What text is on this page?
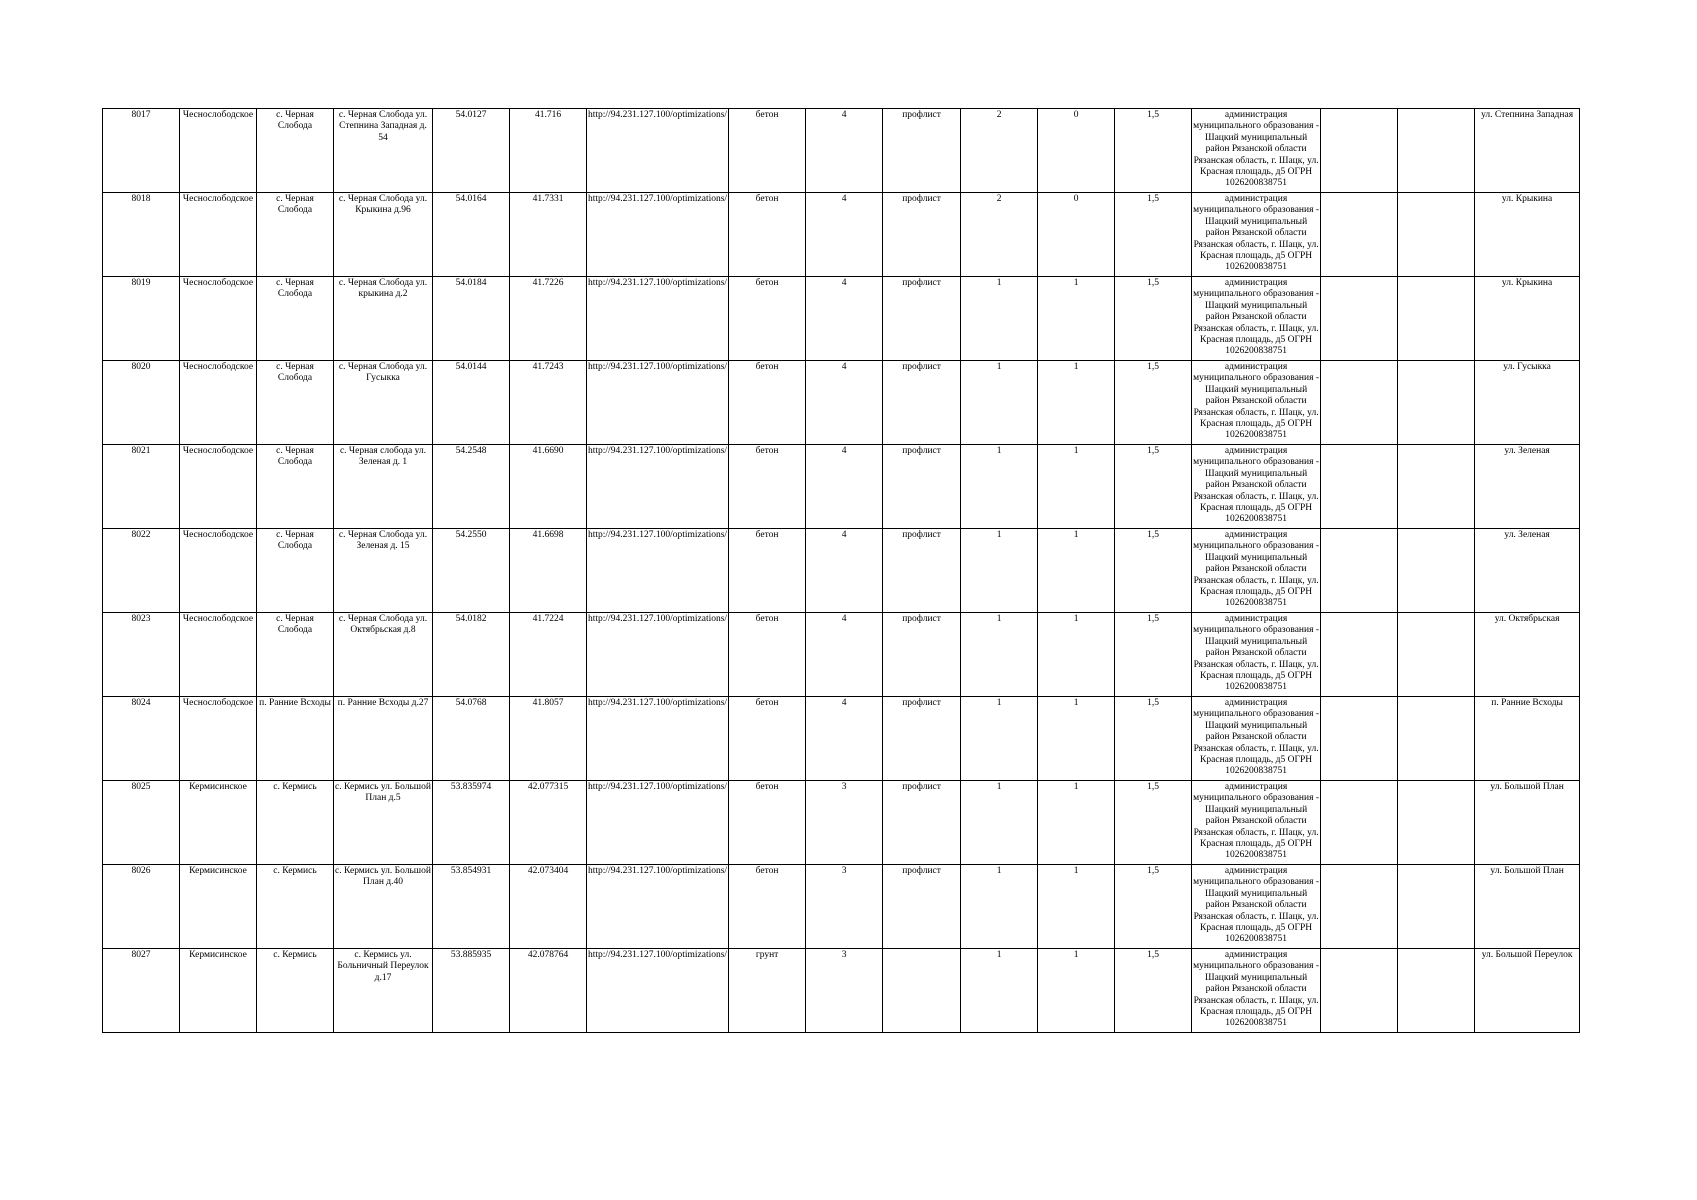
8017	Чеснослободское	с. Черная Слобода	с. Черная Слобода ул. Степнина Западная д. 54	54.0127	41.716	http://94.231.127.100/optimizations/	бетон	4	профлист	2	0	1,5	администрация муниципального образования - Шацкий муниципальный район Рязанской области Рязанская область, г. Шацк, ул. Красная площадь, д5 ОГРН 1026200838751			ул. Степнина Западная
8018	Чеснослободское	с. Черная Слобода	с. Черная Слобода ул. Крыкина д.96	54.0164	41.7331	http://94.231.127.100/optimizations/	бетон	4	профлист	2	0	1,5	администрация муниципального образования - Шацкий муниципальный район Рязанской области Рязанская область, г. Шацк, ул. Красная площадь, д5 ОГРН 1026200838751			ул. Крыкина
8019	Чеснослободское	с. Черная Слобода	с. Черная Слобода ул. крыкина д.2	54.0184	41.7226	http://94.231.127.100/optimizations/	бетон	4	профлист	1	1	1,5	администрация муниципального образования - Шацкий муниципальный район Рязанской области Рязанская область, г. Шацк, ул. Красная площадь, д5 ОГРН 1026200838751			ул. Крыкина
8020	Чеснослободское	с. Черная Слобода	с. Черная Слобода ул. Гусыкка	54.0144	41.7243	http://94.231.127.100/optimizations/	бетон	4	профлист	1	1	1,5	администрация муниципального образования - Шацкий муниципальный район Рязанской области Рязанская область, г. Шацк, ул. Красная площадь, д5 ОГРН 1026200838751			ул. Гусыкка
8021	Чеснослободское	с. Черная Слобода	с. Черная слобода ул. Зеленая д. 1	54.2548	41.6690	http://94.231.127.100/optimizations/	бетон	4	профлист	1	1	1,5	администрация муниципального образования - Шацкий муниципальный район Рязанской области Рязанская область, г. Шацк, ул. Красная площадь, д5 ОГРН 1026200838751			ул. Зеленая
8022	Чеснослободское	с. Черная Слобода	с. Черная Слобода ул. Зеленая д. 15	54.2550	41.6698	http://94.231.127.100/optimizations/	бетон	4	профлист	1	1	1,5	администрация муниципального образования - Шацкий муниципальный район Рязанской области Рязанская область, г. Шацк, ул. Красная площадь, д5 ОГРН 1026200838751			ул. Зеленая
8023	Чеснослободское	с. Черная Слобода	с. Черная Слобода ул. Октябрьская д.8	54.0182	41.7224	http://94.231.127.100/optimizations/	бетон	4	профлист	1	1	1,5	администрация муниципального образования - Шацкий муниципальный район Рязанской области Рязанская область, г. Шацк, ул. Красная площадь, д5 ОГРН 1026200838751			ул. Октябрьская
8024	Чеснослободское	п. Ранние Всходы	п. Ранние Всходы д.27	54.0768	41.8057	http://94.231.127.100/optimizations/	бетон	4	профлист	1	1	1,5	администрация муниципального образования - Шацкий муниципальный район Рязанской области Рязанская область, г. Шацк, ул. Красная площадь, д5 ОГРН 1026200838751			п. Ранние Всходы
8025	Кермисинское	с. Кермись	с. Кермись ул. Большой План д.5	53.835974	42.077315	http://94.231.127.100/optimizations/	бетон	3	профлист	1	1	1,5	администрация муниципального образования - Шацкий муниципальный район Рязанской области Рязанская область, г. Шацк, ул. Красная площадь, д5 ОГРН 1026200838751			ул. Большой План
8026	Кермисинское	с. Кермись	с. Кермись ул. Большой План д.40	53.854931	42.073404	http://94.231.127.100/optimizations/	бетон	3	профлист	1	1	1,5	администрация муниципального образования - Шацкий муниципальный район Рязанской области Рязанская область, г. Шацк, ул. Красная площадь, д5 ОГРН 1026200838751			ул. Большой План
8027	Кермисинское	с. Кермись	с. Кермись ул. Больничный Переулок д.17	53.885935	42.078764	http://94.231.127.100/optimizations/	грунт	3		1	1	1,5	администрация муниципального образования - Шацкий муниципальный район Рязанской области Рязанская область, г. Шацк, ул. Красная площадь, д5 ОГРН 1026200838751			ул. Большой Переулок
